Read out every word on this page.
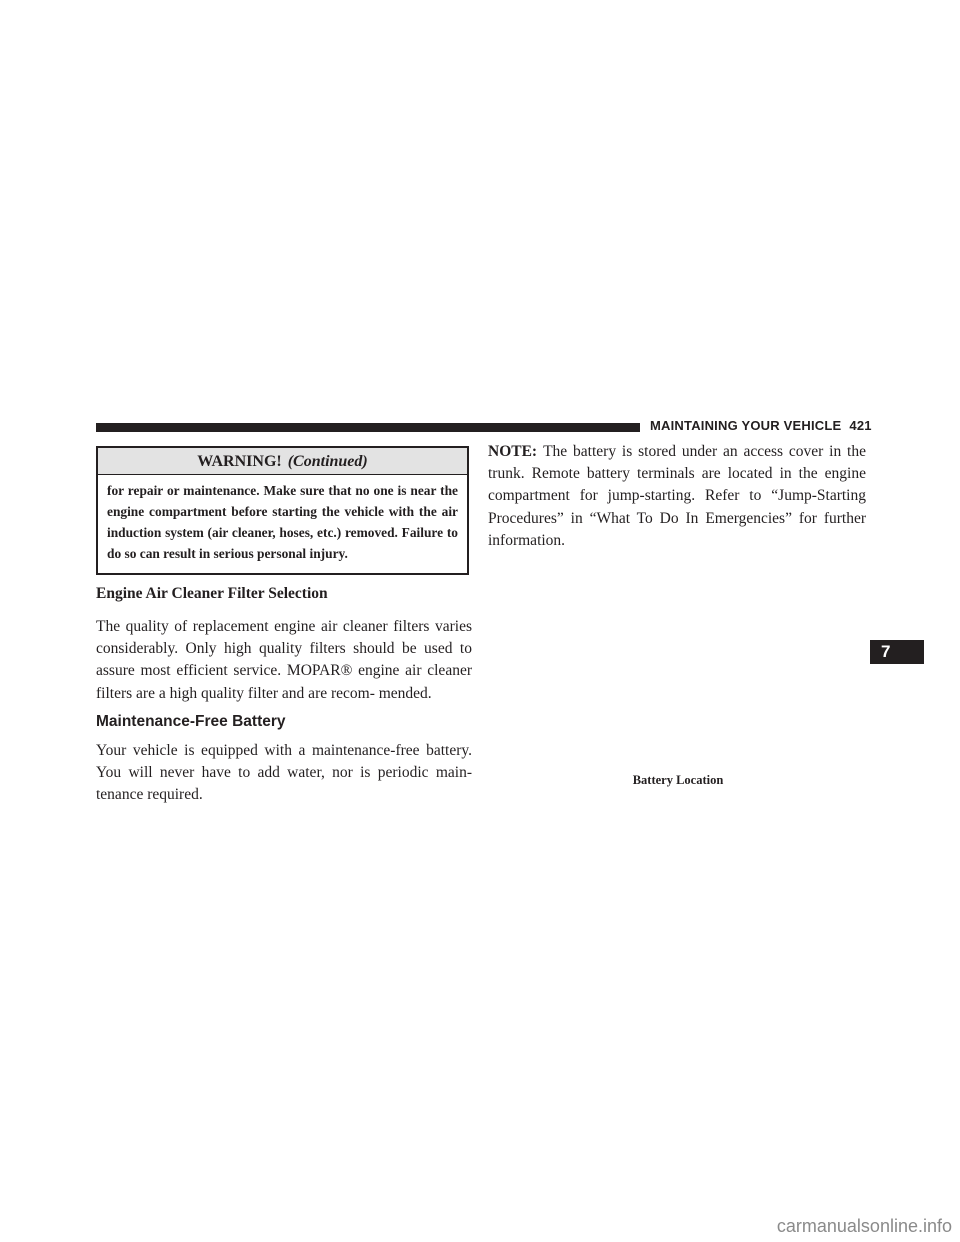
MAINTAINING YOUR VEHICLE 421
WARNING! (Continued)
for repair or maintenance. Make sure that no one is near the engine compartment before starting the vehicle with the air induction system (air cleaner, hoses, etc.) removed. Failure to do so can result in serious personal injury.
Engine Air Cleaner Filter Selection
The quality of replacement engine air cleaner filters varies considerably. Only high quality filters should be used to assure most efficient service. MOPAR® engine air cleaner filters are a high quality filter and are recom- mended.
Maintenance-Free Battery
Your vehicle is equipped with a maintenance-free battery. You will never have to add water, nor is periodic main- tenance required.
NOTE: The battery is stored under an access cover in the trunk. Remote battery terminals are located in the engine compartment for jump-starting. Refer to “Jump-Starting Procedures” in “What To Do In Emergencies” for further information.
Battery Location
7
carmanualsonline.info
